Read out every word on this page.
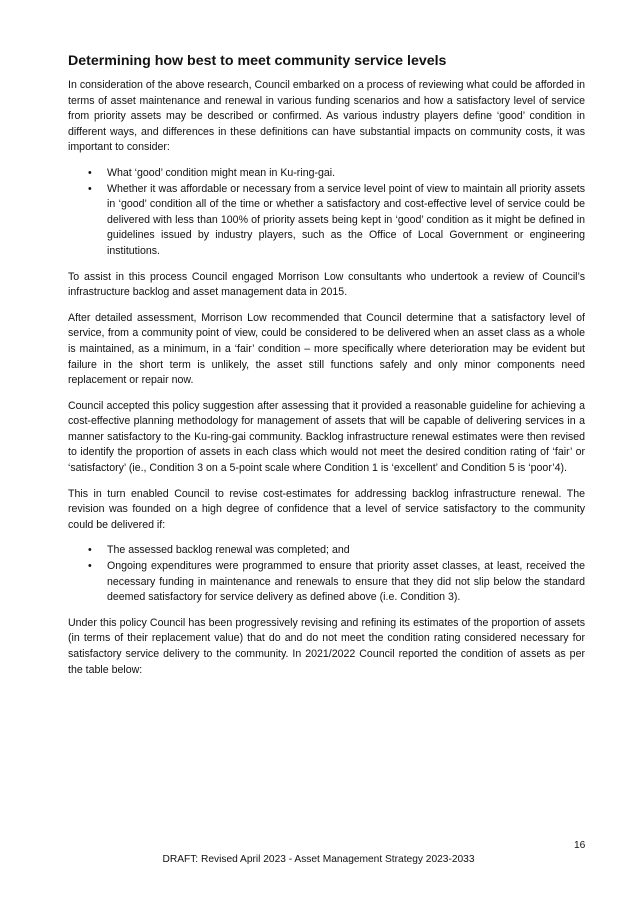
Determining how best to meet community service levels

In consideration of the above research, Council embarked on a process of reviewing what could be afforded in terms of asset maintenance and renewal in various funding scenarios and how a satisfactory level of service from priority assets may be described or confirmed. As various industry players define ‘good’ condition in different ways, and differences in these definitions can have substantial impacts on community costs, it was important to consider:

• What ‘good’ condition might mean in Ku-ring-gai.
• Whether it was affordable or necessary from a service level point of view to maintain all priority assets in ‘good’ condition all of the time or whether a satisfactory and cost-effective level of service could be delivered with less than 100% of priority assets being kept in ‘good’ condition as it might be defined in guidelines issued by industry players, such as the Office of Local Government or engineering institutions.

To assist in this process Council engaged Morrison Low consultants who undertook a review of Council’s infrastructure backlog and asset management data in 2015.

After detailed assessment, Morrison Low recommended that Council determine that a satisfactory level of service, from a community point of view, could be considered to be delivered when an asset class as a whole is maintained, as a minimum, in a ‘fair’ condition – more specifically where deterioration may be evident but failure in the short term is unlikely, the asset still functions safely and only minor components need replacement or repair now.

Council accepted this policy suggestion after assessing that it provided a reasonable guideline for achieving a cost-effective planning methodology for management of assets that will be capable of delivering services in a manner satisfactory to the Ku-ring-gai community. Backlog infrastructure renewal estimates were then revised to identify the proportion of assets in each class which would not meet the desired condition rating of ‘fair’ or ‘satisfactory’ (ie., Condition 3 on a 5-point scale where Condition 1 is ‘excellent’ and Condition 5 is ‘poor’4).

This in turn enabled Council to revise cost-estimates for addressing backlog infrastructure renewal. The revision was founded on a high degree of confidence that a level of service satisfactory to the community could be delivered if:

• The assessed backlog renewal was completed; and
• Ongoing expenditures were programmed to ensure that priority asset classes, at least, received the necessary funding in maintenance and renewals to ensure that they did not slip below the standard deemed satisfactory for service delivery as defined above (i.e. Condition 3).

Under this policy Council has been progressively revising and refining its estimates of the proportion of assets (in terms of their replacement value) that do and do not meet the condition rating considered necessary for satisfactory service delivery to the community. In 2021/2022 Council reported the condition of assets as per the table below:

16
DRAFT: Revised April 2023 - Asset Management Strategy 2023-2033
